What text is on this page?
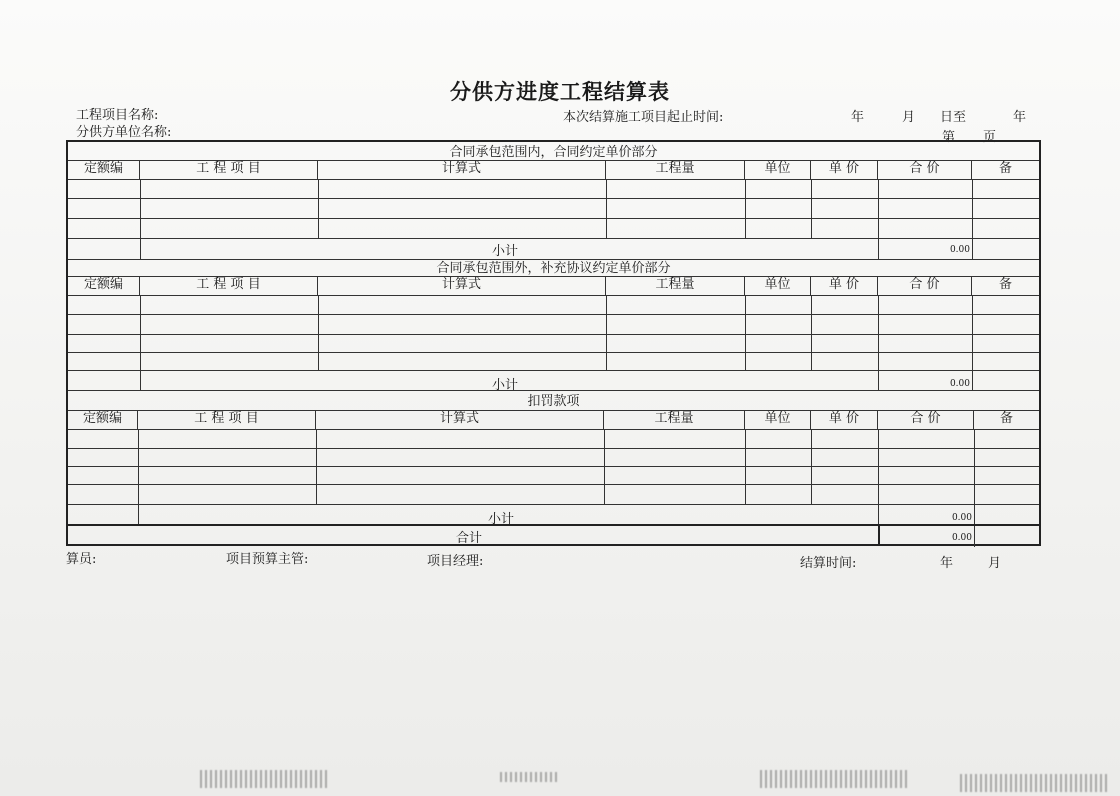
分供方进度工程结算表
工程项目名称:
分供方单位名称:
本次结算施工项目起止时间:	年	月 日至	年
第 页
合同承包范围内，合同约定单价部分
定额编	工 程 项 目	计算式	工程量	单位	单 价	合 价	备
小计	0.00
合同承包范围外，补充协议约定单价部分
定额编	工 程 项 目	计算式	工程量	单位	单 价	合 价	备
小计	0.00
扣罚款项
定额编	工 程 项 目	计算式	工程量	单位	单 价	合 价	备
小计	0.00
合计	0.00
算员:	项目预算主管:	项目经理:	结算时间:	年	月
